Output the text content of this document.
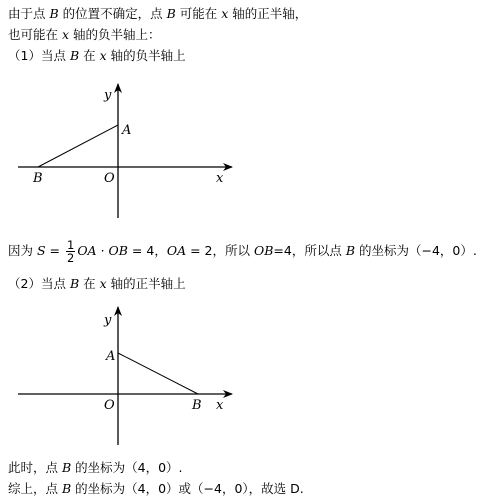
由于点 B 的位置不确定，点 B 可能在 x 轴的正半轴，
也可能在 x 轴的负半轴上：
（1）当点 B 在 x 轴的负半轴上
y
A
B	O	x
因为 $S = \frac{1}{2}$ OA · OB = 4，OA = 2，所以 OB=4，所以点 B 的坐标为（−4，0）.
（2）当点 B 在 x 轴的正半轴上
y
A
O	B x
此时，点 B 的坐标为（4，0）.
综上，点 B 的坐标为（4，0）或（−4，0），故选 D.
